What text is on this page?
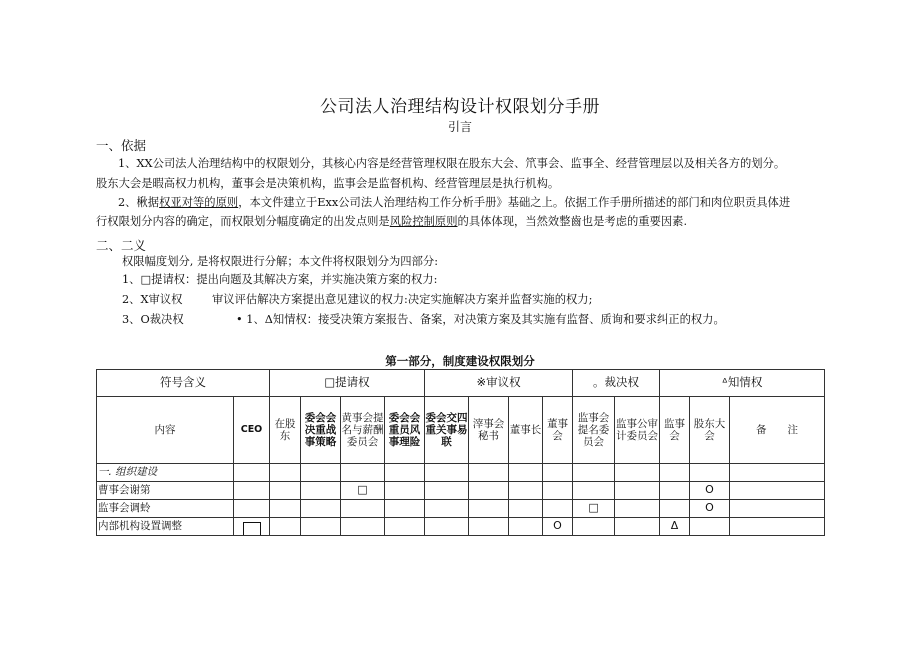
公司法人治理结构设计权限划分手册
引言
一、依据
1、XX公司法人治理结构中的权限划分，其核心内容是经营管理权限在股东大会、笊事会、监事全、经营管理层以及相关各方的划分。
股东大会是暇高权力机构，董事会是决策机构，监事会是监督机构、经营管理层是执行机构。
2、楸据权亚对等的原则，本文件建立于Exx公司法人治理结构工作分析手册》基础之上。依据工作手册所描述的部门和肉位职贡具体进
行权限划分内容的确定，而权限划分幅度确定的出发点则是风险控制原则的具体体现，当然效整齒也是考虑的重要因素.
二、二义
权限幅度划分, 是将权限进行分解；本文件将权限划分为四部分:
1、□提请权：提出向题及其解决方案，并实施决策方案的权力:
2、X审议权	审议评估解决方案提出意见建议的权力:决定实施解决方案并监督实施的权力;
3、O裁决权	• 1、Δ知情权：接受决策方案报告、备案，对决策方案及其实施有监督、质询和要求纠正的权力。
第一部分，制度建设权限划分
符号含义		□提请权				※审议权				。裁决权		ᐞ知情权		
内容	CEO	在股东	委会会决重战事策略	黄事会提名与薪酬委员会	委会会重员风事理险	委会交四重关事易联	滓事会秘书	董事长	董事会	监事会提名委员会	监事公审计委员会	监事会	股东大会	备　　注
一. 组织建设														
曹事会谢第				□									O	
监事会调蛉										□			O	
内部机构设置调整									O			Δ		
